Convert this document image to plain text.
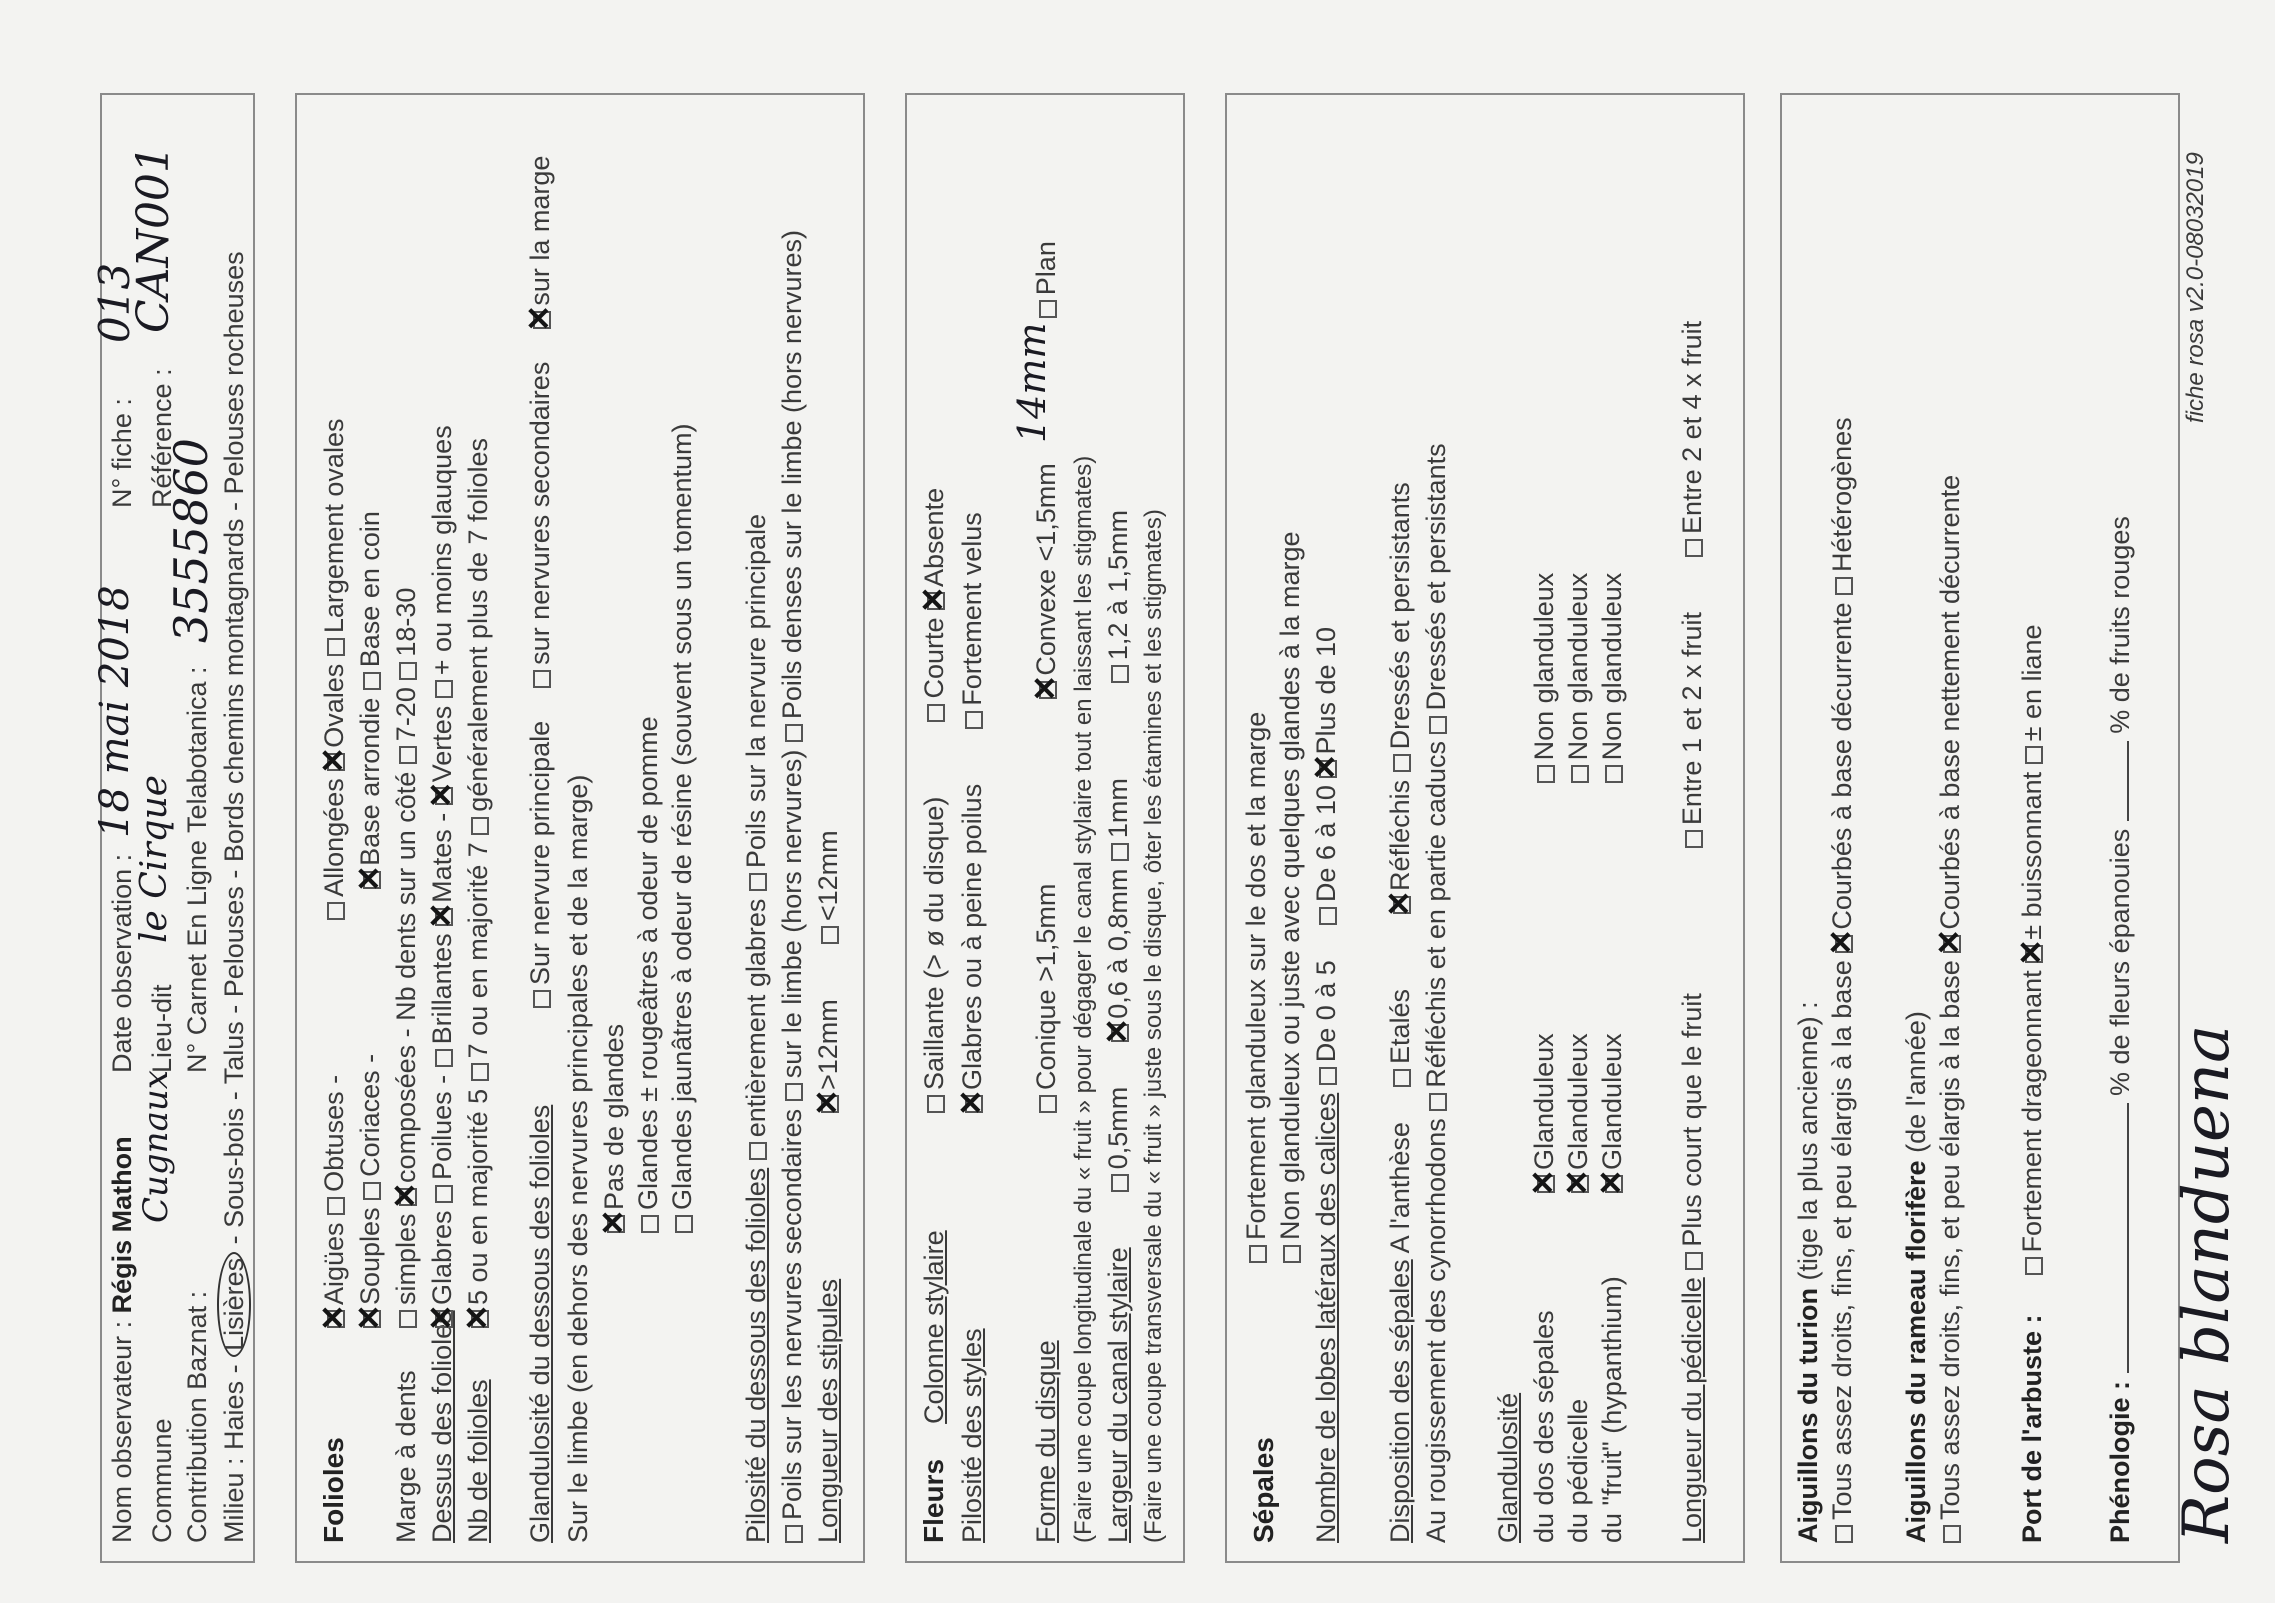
Nom observateur : Régis Mathon
Commune
Cugnaux
Contribution Baznat : Milieu : Haies - Lisières - Sous-bois - Talus - Pelouses - Bords chemins montagnards - Pelouses rocheuses
Date observation :
18 mai 2018
Lieu-dit
le Cirque N° Carnet En Ligne Telabotanica :
3555860
N° fiche :
013
Référence :
CAN001
Folioles
✕Aigües Obtuses -  Allongées ✕Ovales Largement ovales
✕Souples Coriaces -  ✕Base arrondie Base en coin
Marge à dents
simples ✕composées - Nb dents sur un côté 7-20 18-30
Dessus des folioles
✕Glabres Poilues - Brillantes ✕Mates - ✕Vertes + ou moins glauques
Nb de folioles
✕5 ou en majorité 5 7 ou en majorité 7 généralement plus de 7 folioles
Glandulosité du dessous des folioles
Sur nervure principale  sur nervures secondaires  ✕sur la marge
Sur le limbe (en dehors des nervures principales et de la marge)
✕ Pas de glandes Glandes ± rougeâtres à odeur de pomme Glandes jaunâtres à odeur de résine (souvent sous un tomentum)
Pilosité du dessous des folioles entièrement glabres Poils sur la nervure principale
Poils sur les nervures secondaires sur le limbe (hors nervures) Poils denses sur le limbe (hors nervures)
Longueur des stipules
✕>12mm  <12mm
Fleurs  Colonne stylaire
Saillante (> ø du disque)  Courte ✕Absente
Pilosité des styles
✕Glabres ou à peine poilus  Fortement velus
Forme du disque
Conique >1,5mm  ✕Convexe <1,5mm  Plan
14mm
(Faire une coupe longitudinale du « fruit » pour dégager le canal stylaire tout en laissant les stigmates) Largeur du canal stylaire  0,5mm  ✕0,6 à 0,8mm 1mm  1,2 à 1,5mm (Faire une coupe transversale du « fruit » juste sous le disque, ôter les étamines et les stigmates)	Sépales
Fortement glanduleux sur le dos et la marge Non glanduleux ou juste avec quelques glandes à la marge
Nombre de lobes latéraux des calices De 0 à 5  De 6 à 10 ✕Plus de 10
Disposition des sépales A l'anthèse  Etalés  ✕Réfléchis Dressés et persistants
Au rougissement des cynorrhodons Réfléchis et en partie caducs Dressés et persistants
Glandulosité du dos des sépales du pédicelle du "fruit" (hypanthium)
✕GlanduleuxNon glanduleux
✕GlanduleuxNon glanduleux
✕GlanduleuxNon glanduleux
Longueur du pédicelle Plus court que le fruit  Entre 1 et 2 x fruit  Entre 2 et 4 x fruit
Aiguillons du turion (tige la plus ancienne) : Tous assez droits, fins, et peu élargis à la base ✕Courbés à base décurrente Hétérogènes
Aiguillons du rameau florifère (de l'année) Tous assez droits, fins, et peu élargis à la base ✕Courbés à base nettement décurrente
Port de l'arbuste :  Fortement drageonnant ✕± buissonnant ± en liane
Phénologie :  % de fleurs épanouies  % de fruits rouges
Rosa blanduena
fiche rosa v2.0-08032019
